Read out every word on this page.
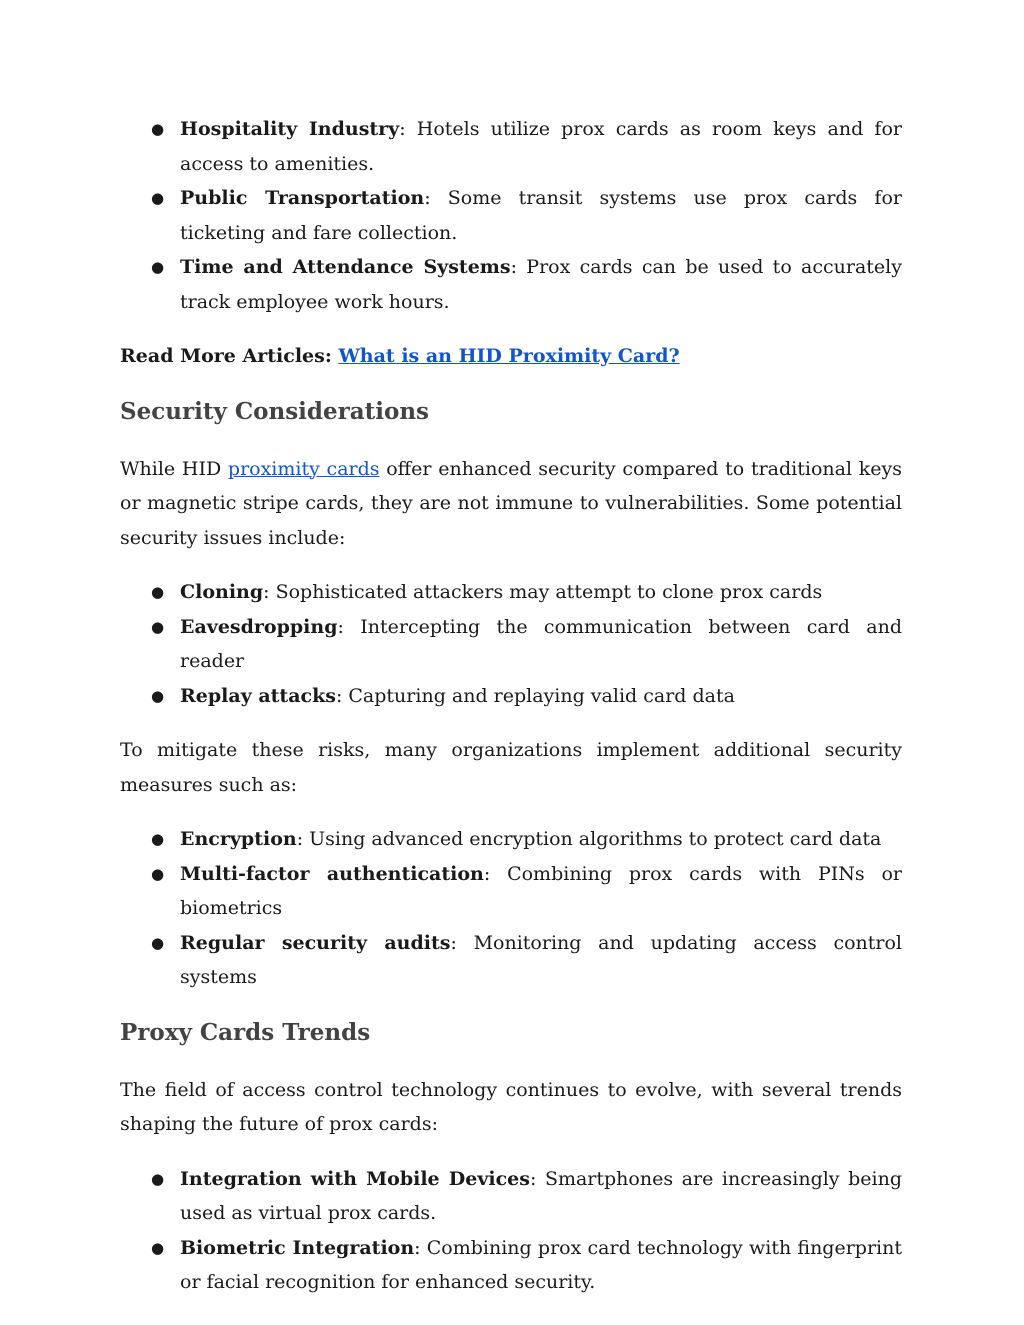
● Hospitality Industry: Hotels utilize prox cards as room keys and for access to amenities.
● Public Transportation: Some transit systems use prox cards for ticketing and fare collection.
● Time and Attendance Systems: Prox cards can be used to accurately track employee work hours.

Read More Articles: What is an HID Proximity Card?

Security Considerations

While HID proximity cards offer enhanced security compared to traditional keys or magnetic stripe cards, they are not immune to vulnerabilities. Some potential security issues include:

● Cloning: Sophisticated attackers may attempt to clone prox cards
● Eavesdropping: Intercepting the communication between card and reader
● Replay attacks: Capturing and replaying valid card data

To mitigate these risks, many organizations implement additional security measures such as:

● Encryption: Using advanced encryption algorithms to protect card data
● Multi-factor authentication: Combining prox cards with PINs or biometrics
● Regular security audits: Monitoring and updating access control systems
Proxy Cards Trends

The field of access control technology continues to evolve, with several trends shaping the future of prox cards:

● Integration with Mobile Devices: Smartphones are increasingly being used as virtual prox cards.
● Biometric Integration: Combining prox card technology with fingerprint or facial recognition for enhanced security.
